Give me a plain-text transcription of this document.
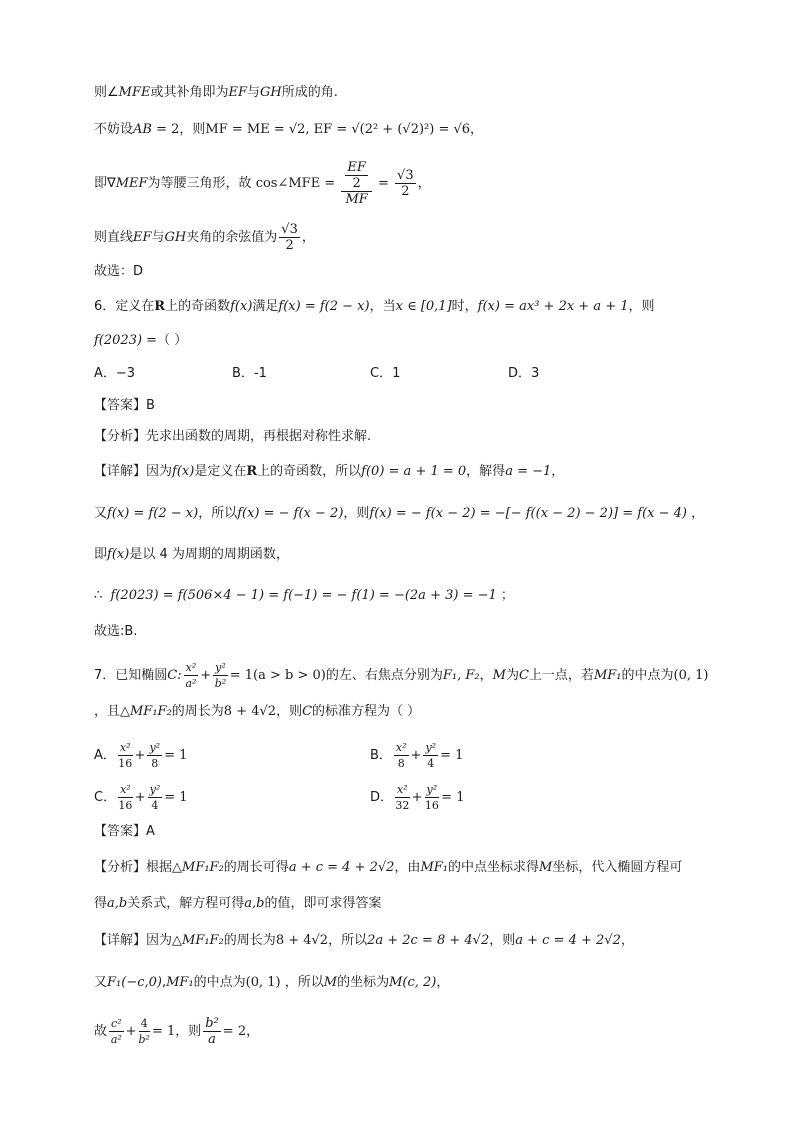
则∠MFE或其补角即为EF与GH所成的角.
不妨设AB = 2，则MF = ME = √2, EF = √(2² + (√2)²) = √6，
即∇MEF为等腰三角形，故 cos∠MFE = $\frac{\frac{EF}{2}}{MF} = \frac{√3}{2}$ ，
则直线EF与GH夹角的余弦值为 $\frac{√3}{2}$ ，
故选：D
6．定义在R上的奇函数f(x)满足f(x) = f(2 − x)，当x ∈ [0,1]时，f(x) = ax³ + 2x + a + 1，则
f(2023) =（ ）
A．−3	B．-1	C．1	D．3
【答案】B
【分析】先求出函数的周期，再根据对称性求解.
【详解】因为f(x)是定义在R上的奇函数，所以f(0) = a + 1 = 0，解得a = −1，
又f(x) = f(2 − x)，所以f(x) = − f(x − 2)，则f(x) = − f(x − 2) = −[− f((x − 2) − 2)] = f(x − 4) ，
即f(x)是以 4 为周期的周期函数，
∴ f(2023) = f(506×4 − 1) = f(−1) = − f(1) = −(2a + 3) = −1 ；
故选:B.
7．已知椭圆C: $\frac{\text{x²}}{\text{a²}} + \frac{\text{y²}}{\text{b²}} = 1(a > b > 0)$的左、右焦点分别为F₁, F₂，M为C上一点，若MF₁的中点为(0, 1)
，且△MF₁F₂的周长为8 + 4√2，则C的标准方程为（ ）
A． $\frac{\text{x²}}{16} + \frac{\text{y²}}{8} = 1$	B． $\frac{\text{x²}}{8} + \frac{\text{y²}}{4} = 1$
C． $\frac{\text{x²}}{16} + \frac{\text{y²}}{4} = 1$	D． $\frac{\text{x²}}{32} + \frac{\text{y²}}{16} = 1$
【答案】A
【分析】根据△MF₁F₂的周长可得a + c = 4 + 2√2，由MF₁的中点坐标求得M坐标，代入椭圆方程可
得a,b关系式，解方程可得a,b的值，即可求得答案
【详解】因为△MF₁F₂的周长为8 + 4√2，所以2a + 2c = 8 + 4√2，则a + c = 4 + 2√2，
又F₁(−c,0),MF₁的中点为(0, 1) ，所以M的坐标为M(c, 2)，
故 $\frac{\text{c²}}{\text{a²}} + \frac{4}{\text{b²}} = 1$，则 $\frac{\text{b²}}{a} = 2$，
